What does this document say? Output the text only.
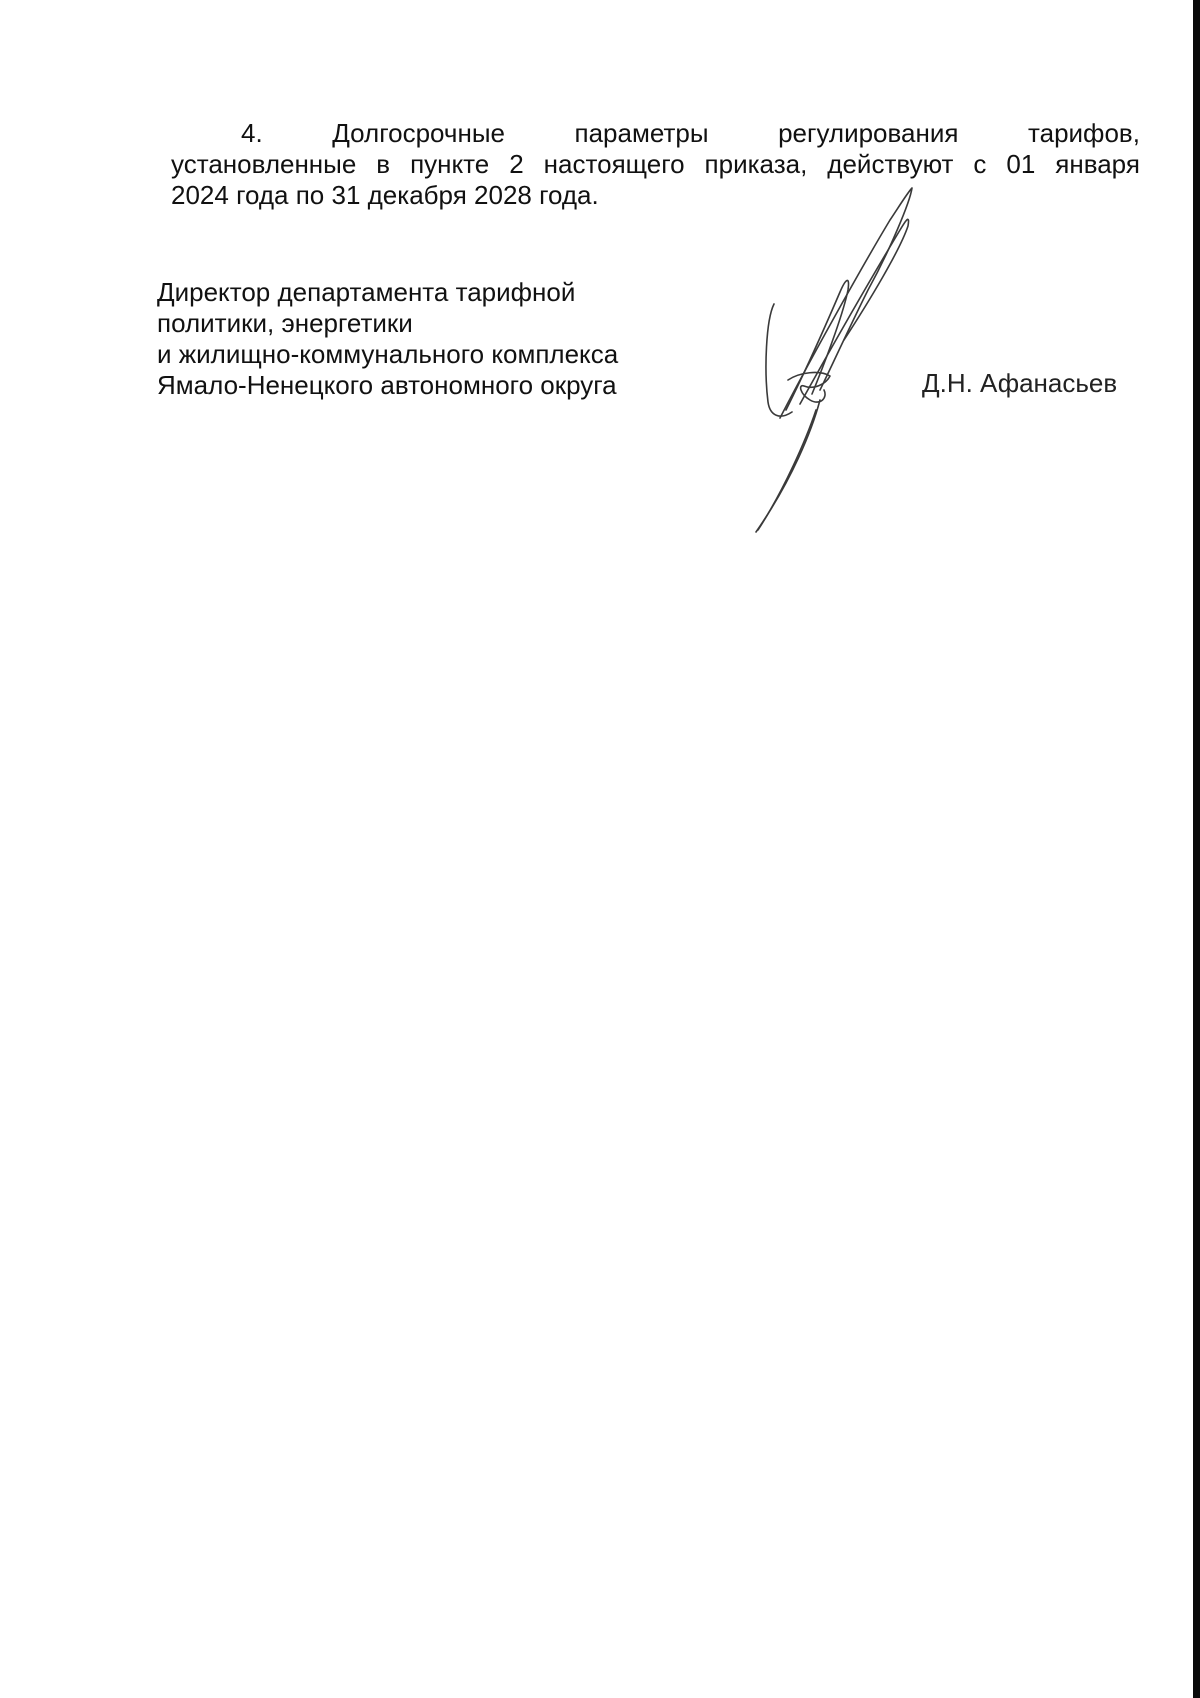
4.	Долгосрочные	параметры	регулирования	тарифов,
установленные в пункте 2 настоящего приказа, действуют с 01 января
2024 года по 31 декабря 2028 года.
Директор департамента тарифной
политики, энергетики
и жилищно-коммунального комплекса
Ямало-Ненецкого автономного округа	Д.Н. Афанасьев
